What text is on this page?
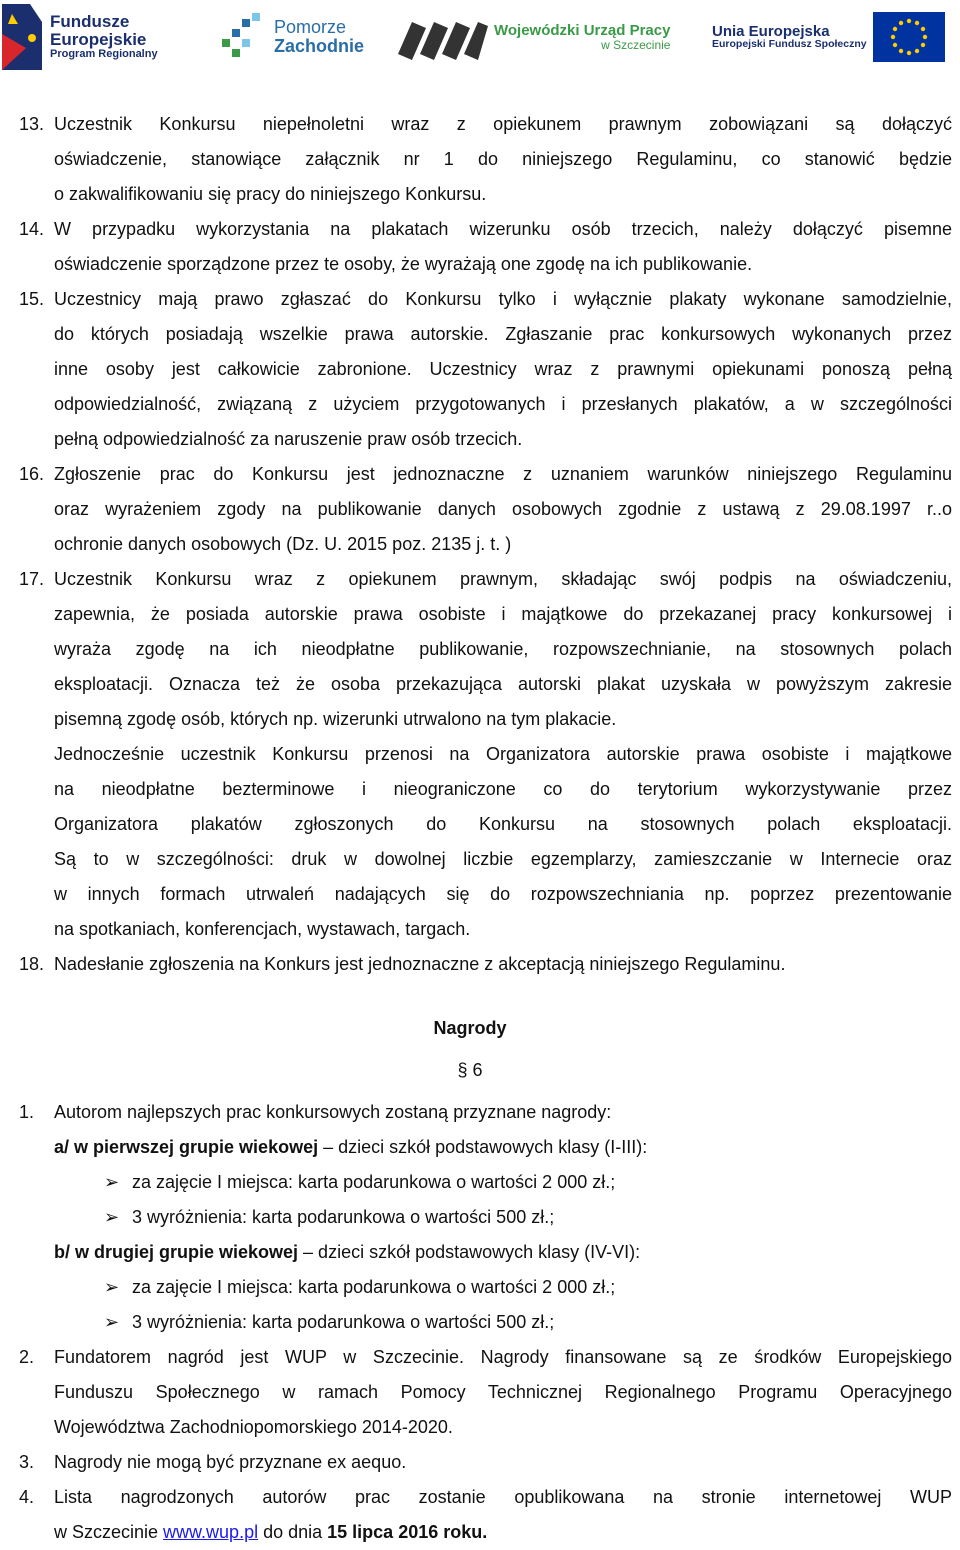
Fundusze
Europejskie
Program Regionalny
Pomorze
Zachodnie
Wojewódzki Urząd Pracy
w Szczecinie
Unia Europejska
Europejski Fundusz Społeczny
13. Uczestnik Konkursu niepełnoletni wraz z opiekunem prawnym zobowiązani są dołączyć
oświadczenie, stanowiące załącznik nr 1 do niniejszego Regulaminu, co stanowić będzie
o zakwalifikowaniu się pracy do niniejszego Konkursu.
14. W przypadku wykorzystania na plakatach wizerunku osób trzecich, należy dołączyć pisemne
oświadczenie sporządzone przez te osoby, że wyrażają one zgodę na ich publikowanie.
15. Uczestnicy mają prawo zgłaszać do Konkursu tylko i wyłącznie plakaty wykonane samodzielnie,
do których posiadają wszelkie prawa autorskie. Zgłaszanie prac konkursowych wykonanych przez
inne osoby jest całkowicie zabronione. Uczestnicy wraz z prawnymi opiekunami ponoszą pełną
odpowiedzialność, związaną z użyciem przygotowanych i przesłanych plakatów, a w szczególności
pełną odpowiedzialność za naruszenie praw osób trzecich.
16. Zgłoszenie prac do Konkursu jest jednoznaczne z uznaniem warunków niniejszego Regulaminu
oraz wyrażeniem zgody na publikowanie danych osobowych zgodnie z ustawą z 29.08.1997 r..o
ochronie danych osobowych (Dz. U. 2015 poz. 2135 j. t. )
17. Uczestnik Konkursu wraz z opiekunem prawnym, składając swój podpis na oświadczeniu,
zapewnia, że posiada autorskie prawa osobiste i majątkowe do przekazanej pracy konkursowej i
wyraża zgodę na ich nieodpłatne publikowanie, rozpowszechnianie, na stosownych polach
eksploatacji. Oznacza też że osoba przekazująca autorski plakat uzyskała w powyższym zakresie
pisemną zgodę osób, których np. wizerunki utrwalono na tym plakacie.
Jednocześnie uczestnik Konkursu przenosi na Organizatora autorskie prawa osobiste i majątkowe
na nieodpłatne bezterminowe i nieograniczone co do terytorium wykorzystywanie przez
Organizatora plakatów zgłoszonych do Konkursu na stosownych polach eksploatacji.
Są to w szczególności: druk w dowolnej liczbie egzemplarzy, zamieszczanie w Internecie oraz
w innych formach utrwaleń nadających się do rozpowszechniania np. poprzez prezentowanie
na spotkaniach, konferencjach, wystawach, targach.
18. Nadesłanie zgłoszenia na Konkurs jest jednoznaczne z akceptacją niniejszego Regulaminu.
Nagrody
§ 6
1. Autorom najlepszych prac konkursowych zostaną przyznane nagrody:
a/ w pierwszej grupie wiekowej – dzieci szkół podstawowych klasy (I-III):
➢ za zajęcie I miejsca: karta podarunkowa o wartości 2 000 zł.;
➢ 3 wyróżnienia: karta podarunkowa o wartości 500 zł.;
b/ w drugiej grupie wiekowej – dzieci szkół podstawowych klasy (IV-VI):
➢ za zajęcie I miejsca: karta podarunkowa o wartości 2 000 zł.;
➢ 3 wyróżnienia: karta podarunkowa o wartości 500 zł.;
2. Fundatorem nagród jest WUP w Szczecinie. Nagrody finansowane są ze środków Europejskiego
Funduszu Społecznego w ramach Pomocy Technicznej Regionalnego Programu Operacyjnego
Województwa Zachodniopomorskiego 2014-2020.
3. Nagrody nie mogą być przyznane ex aequo.
4. Lista nagrodzonych autorów prac zostanie opublikowana na stronie internetowej WUP
w Szczecinie www.wup.pl do dnia 15 lipca 2016 roku.
